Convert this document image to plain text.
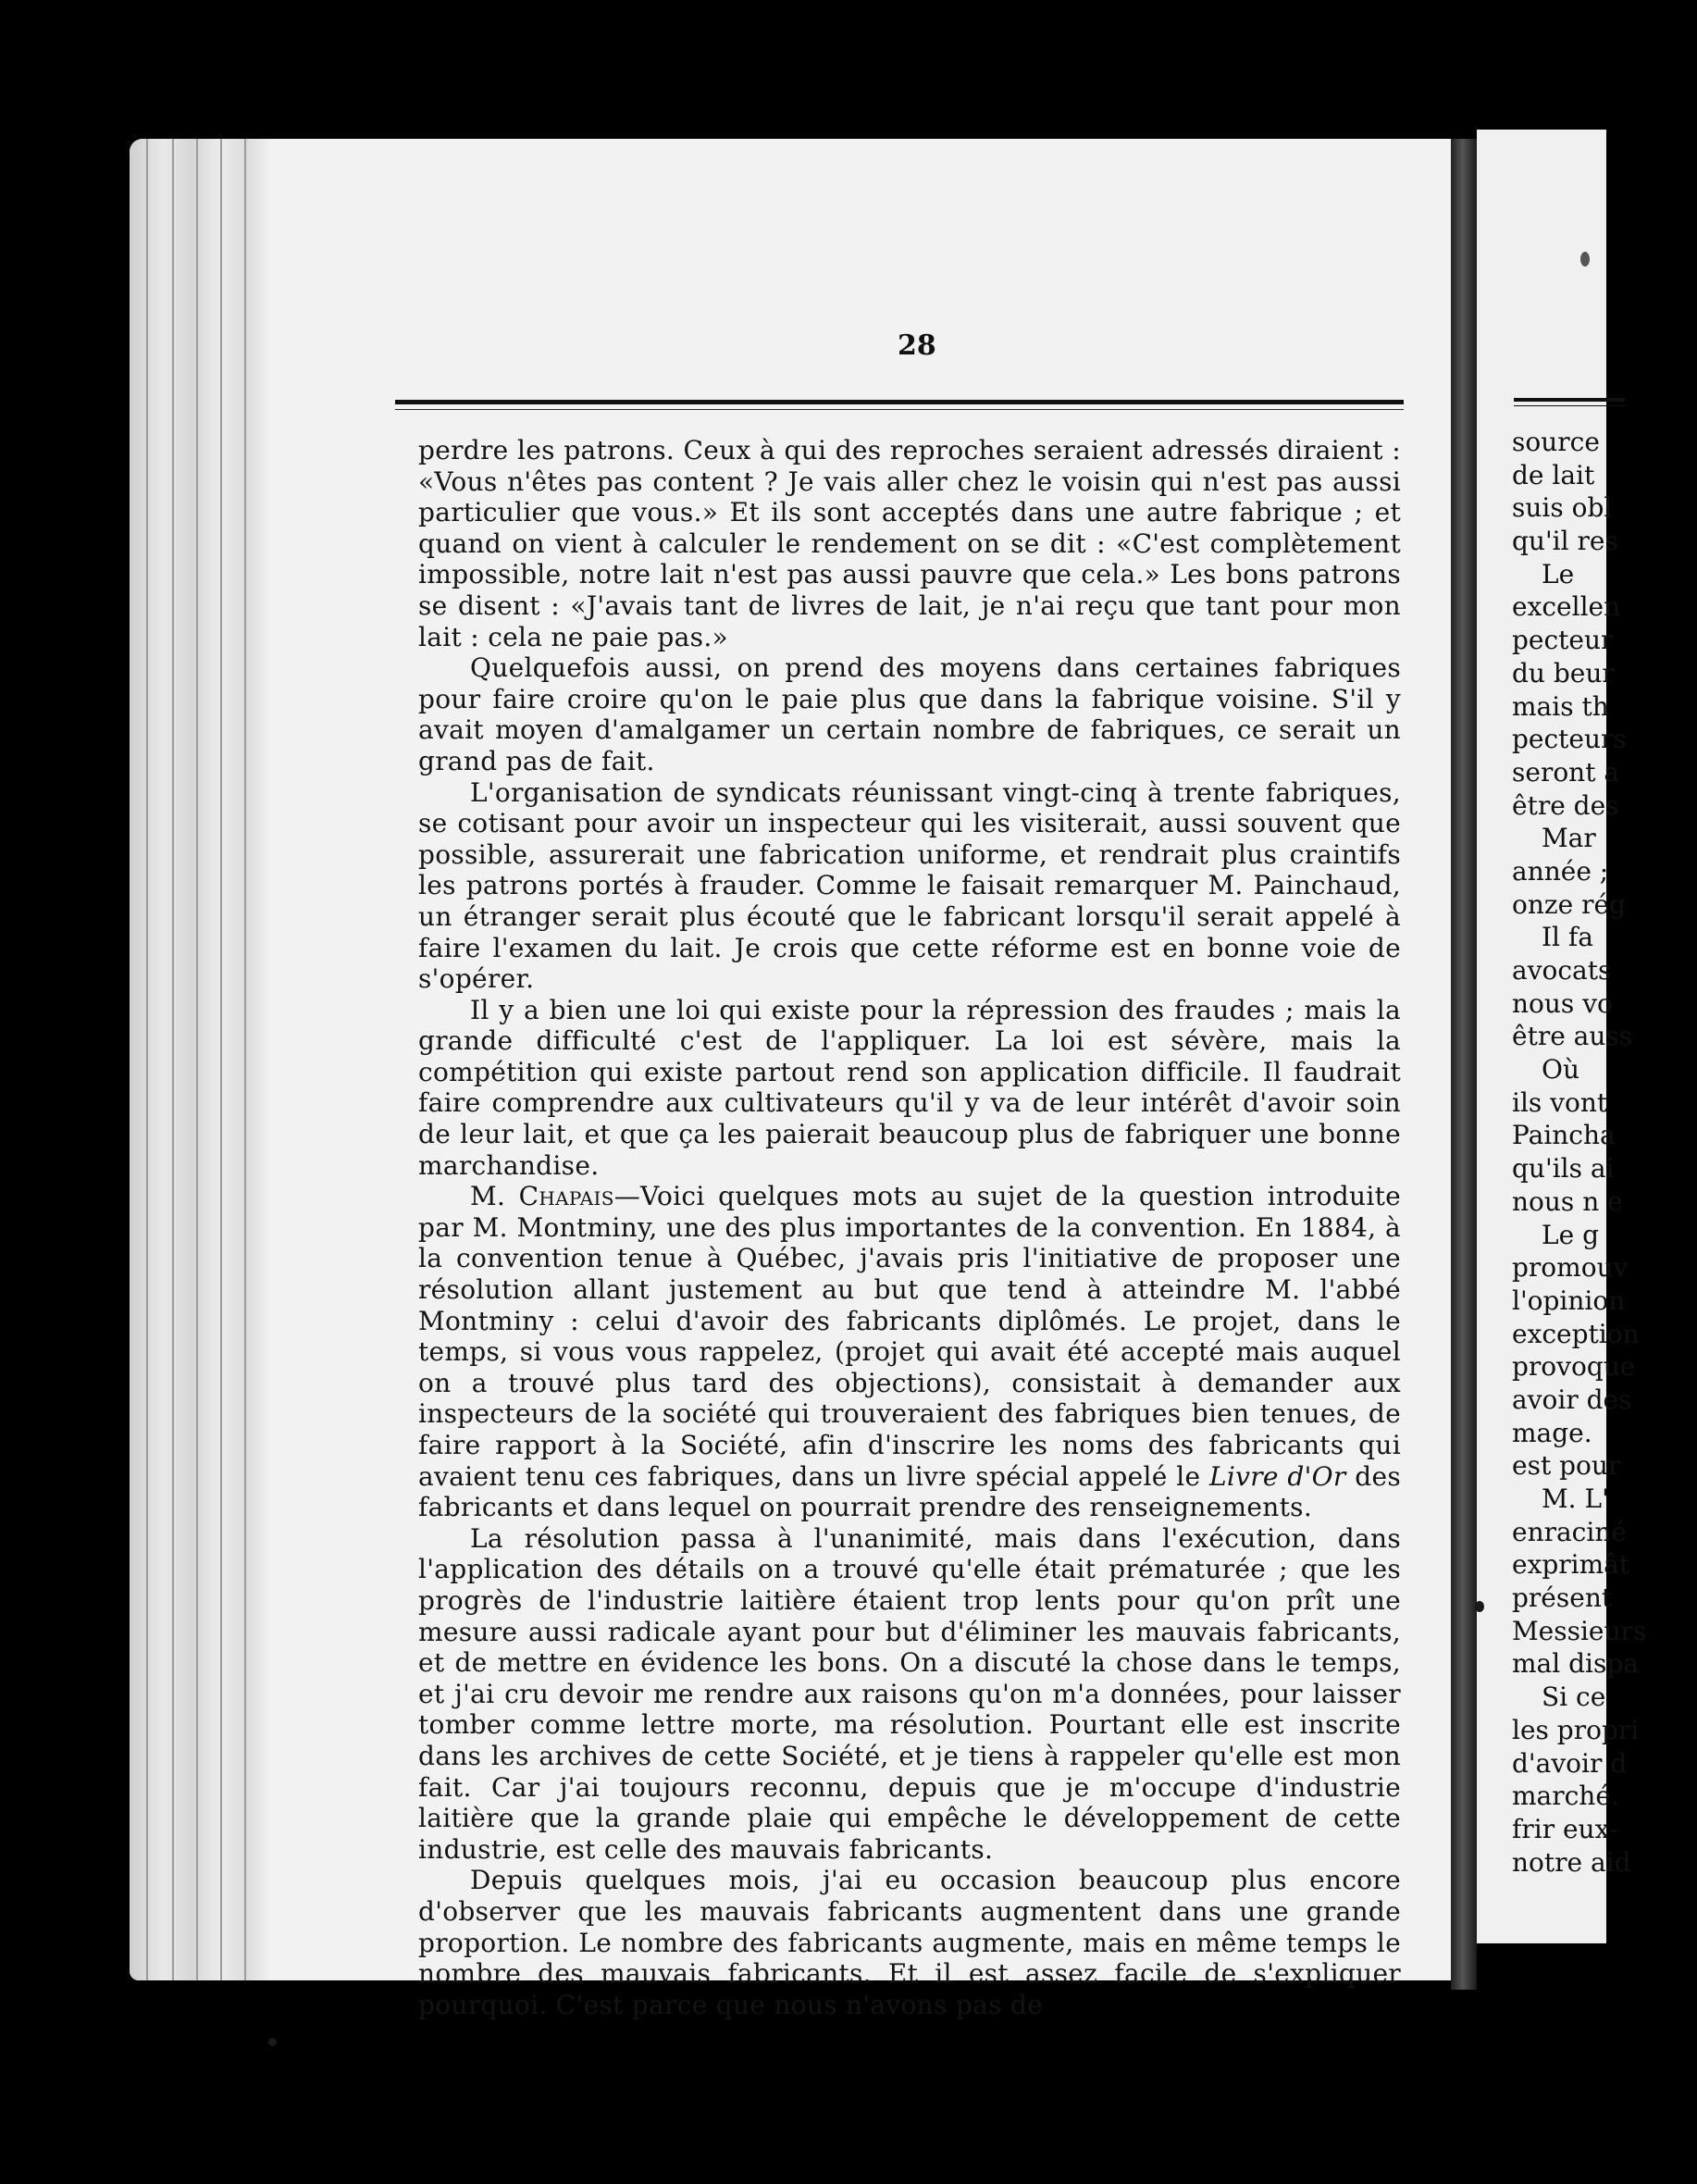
source
de lait
suis obl
qu'il res
Le
excellen
pecteur
du beur
mais th
pecteurs
seront a
être des
Mar
année ;
onze rég
Il fa
avocats
nous vo
être auss
Où
ils vont
Paincha
qu'ils ai
nous n e
Le g
promouv
l'opinion
exception
provoque
avoir des
mage.
est pour
M. L'
enraciné
exprimât
présent
Messieurs
mal dispa
Si ce
les propri
d'avoir d
marché.
frir eux-
notre aid
28

perdre les patrons. Ceux à qui des reproches seraient adressés diraient : «Vous n'êtes pas content ? Je vais aller chez le voisin qui n'est pas aussi particulier que vous.» Et ils sont acceptés dans une autre fabrique ; et quand on vient à calculer le rendement on se dit : «C'est complètement impossible, notre lait n'est pas aussi pauvre que cela.» Les bons patrons se disent : «J'avais tant de livres de lait, je n'ai reçu que tant pour mon lait : cela ne paie pas.»

Quelquefois aussi, on prend des moyens dans certaines fabriques pour faire croire qu'on le paie plus que dans la fabrique voisine. S'il y avait moyen d'amalgamer un certain nombre de fabriques, ce serait un grand pas de fait.

L'organisation de syndicats réunissant vingt-cinq à trente fabriques, se cotisant pour avoir un inspecteur qui les visiterait, aussi souvent que possible, assurerait une fabrication uniforme, et rendrait plus craintifs les patrons portés à frauder. Comme le faisait remarquer M. Painchaud, un étranger serait plus écouté que le fabricant lorsqu'il serait appelé à faire l'examen du lait. Je crois que cette réforme est en bonne voie de s'opérer.

Il y a bien une loi qui existe pour la répression des fraudes ; mais la grande difficulté c'est de l'appliquer. La loi est sévère, mais la compétition qui existe partout rend son application difficile. Il faudrait faire comprendre aux cultivateurs qu'il y va de leur intérêt d'avoir soin de leur lait, et que ça les paierait beaucoup plus de fabriquer une bonne marchandise.

M. Chapais—Voici quelques mots au sujet de la question introduite par M. Montminy, une des plus importantes de la convention. En 1884, à la convention tenue à Québec, j'avais pris l'initiative de proposer une résolution allant justement au but que tend à atteindre M. l'abbé Montminy : celui d'avoir des fabricants diplômés. Le projet, dans le temps, si vous vous rappelez, (projet qui avait été accepté mais auquel on a trouvé plus tard des objections), consistait à demander aux inspecteurs de la société qui trouveraient des fabriques bien tenues, de faire rapport à la Société, afin d'inscrire les noms des fabricants qui avaient tenu ces fabriques, dans un livre spécial appelé le Livre d'Or des fabricants et dans lequel on pourrait prendre des renseignements.

La résolution passa à l'unanimité, mais dans l'exécution, dans l'application des détails on a trouvé qu'elle était prématurée ; que les progrès de l'industrie laitière étaient trop lents pour qu'on prît une mesure aussi radicale ayant pour but d'éliminer les mauvais fabricants, et de mettre en évidence les bons. On a discuté la chose dans le temps, et j'ai cru devoir me rendre aux raisons qu'on m'a données, pour laisser tomber comme lettre morte, ma résolution. Pourtant elle est inscrite dans les archives de cette Société, et je tiens à rappeler qu'elle est mon fait. Car j'ai toujours reconnu, depuis que je m'occupe d'industrie laitière que la grande plaie qui empêche le développement de cette industrie, est celle des mauvais fabricants.

Depuis quelques mois, j'ai eu occasion beaucoup plus encore d'observer que les mauvais fabricants augmentent dans une grande proportion. Le nombre des fabricants augmente, mais en même temps le nombre des mauvais fabricants. Et il est assez facile de s'expliquer pourquoi. C'est parce que nous n'avons pas de
